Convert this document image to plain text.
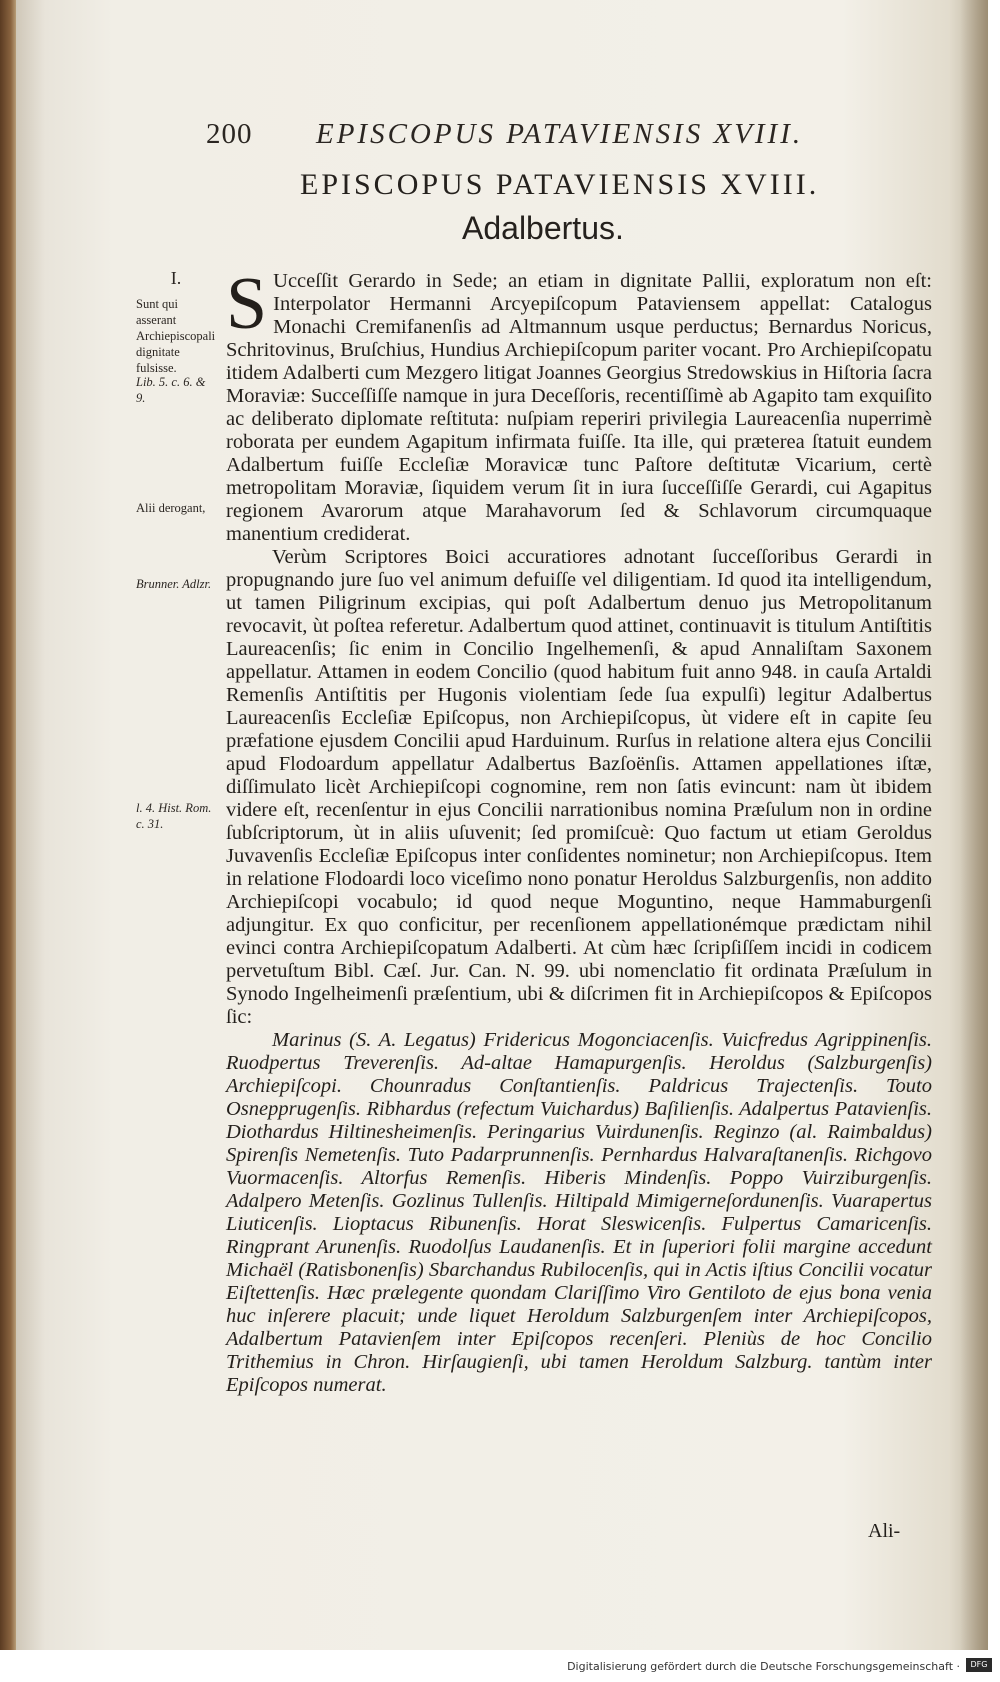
200 EPISCOPUS PATAVIENSIS XVIII.
EPISCOPUS PATAVIENSIS XVIII.
Adalbertus.
I.
Sunt qui asserant Archiepiscopali dignitate fulsisse.
Lib. 5. c. 6. & 9.
Alii derogant,
Brunner. Adlzr.
l. 4. Hist. Rom. c. 31.

S Ucceſſit Gerardo in Sede; an etiam in dignitate Pallii, exploratum non eſt: Interpolator Hermanni Arcyepiſcopum Pataviensem appellat: Catalogus Monachi Cremifanenſis ad Altmannum usque perductus; Bernardus Noricus, Schritovinus, Bruſchius, Hundius Archiepiſcopum pariter vocant. Pro Archiepiſcopatu itidem Adalberti cum Mezgero litigat Joannes Georgius Stredowskius in Hiſtoria ſacra Moraviæ: Succeſſiſſe namque in jura Deceſſoris, recentiſſimè ab Agapito tam exquiſito ac deliberato diplomate reſtituta: nuſpiam reperiri privilegia Laureacenſia nuperrimè roborata per eundem Agapitum infirmata fuiſſe. Ita ille, qui præterea ſtatuit eundem Adalbertum fuiſſe Eccleſiæ Moravicæ tunc Paſtore deſtitutæ Vicarium, certè metropolitam Moraviæ, ſiquidem verum ſit in iura ſucceſſiſſe Gerardi, cui Agapitus regionem Avarorum atque Marahavorum ſed & Schlavorum circumquaque manentium crediderat.

Verùm Scriptores Boici accuratiores adnotant ſucceſſoribus Gerardi in propugnando jure ſuo vel animum defuiſſe vel diligentiam. Id quod ita intelligendum, ut tamen Piligrinum excipias, qui poſt Adalbertum denuo jus Metropolitanum revocavit, ùt poſtea referetur. Adalbertum quod attinet, continuavit is titulum Antiſtitis Laureacenſis; ſic enim in Concilio Ingelhemenſi, & apud Annaliſtam Saxonem appellatur. Attamen in eodem Concilio (quod habitum fuit anno 948. in cauſa Artaldi Remenſis Antiſtitis per Hugonis violentiam ſede ſua expulſi) legitur Adalbertus Laureacenſis Eccleſiæ Epiſcopus, non Archiepiſcopus, ùt videre eſt in capite ſeu præfatione ejusdem Concilii apud Harduinum. Rurſus in relatione altera ejus Concilii apud Flodoardum appellatur Adalbertus Bazſoënſis. Attamen appellationes iſtæ, diſſimulato licèt Archiepiſcopi cognomine, rem non ſatis evincunt: nam ùt ibidem videre eſt, recenſentur in ejus Concilii narrationibus nomina Præſulum non in ordine ſubſcriptorum, ùt in aliis uſuvenit; ſed promiſcuè: Quo factum ut etiam Geroldus Juvavenſis Eccleſiæ Epiſcopus inter conſidentes nominetur; non Archiepiſcopus. Item in relatione Flodoardi loco viceſimo nono ponatur Heroldus Salzburgenſis, non addito Archiepiſcopi vocabulo; id quod neque Moguntino, neque Hammaburgenſi adjungitur. Ex quo conficitur, per recenſionem appellationémque prædictam nihil evinci contra Archiepiſcopatum Adalberti. At cùm hæc ſcripſiſſem incidi in codicem pervetuſtum Bibl. Cæſ. Jur. Can. N. 99. ubi nomenclatio fit ordinata Præſulum in Synodo Ingelheimenſi præſentium, ubi & diſcrimen fit in Archiepiſcopos & Epiſcopos ſic:

Marinus (S. A. Legatus) Fridericus Mogonciacenſis. Vuicfredus Agrippinenſis. Ruodpertus Treverenſis. Ad-altae Hamapurgenſis. Heroldus (Salzburgenſis) Archiepiſcopi. Chounradus Conſtantienſis. Paldricus Trajectenſis. Touto Osnepprugenſis. Ribhardus (refectum Vuichardus) Baſilienſis. Adalpertus Patavienſis. Diothardus Hiltinesheimenſis. Peringarius Vuirdunenſis. Reginzo (al. Raimbaldus) Spirenſis Nemetenſis. Tuto Padarprunnenſis. Pernhardus Halvaraſtanenſis. Richgovo Vuormacenſis. Altorfus Remenſis. Hiberis Mindenſis. Poppo Vuirziburgenſis. Adalpero Metenſis. Gozlinus Tullenſis. Hiltipald Mimigerneſordunenſis. Vuarapertus Liuticenſis. Lioptacus Ribunenſis. Horat Sleswicenſis. Fulpertus Camaricenſis. Ringprant Arunenſis. Ruodolſus Laudanenſis. Et in ſuperiori folii margine accedunt Michaël (Ratisbonenſis) Sbarchandus Rubilocenſis, qui in Actis iſtius Concilii vocatur Eiſtettenſis. Hæc prælegente quondam Clariſſimo Viro Gentiloto de ejus bona venia huc inſerere placuit; unde liquet Heroldum Salzburgenſem inter Archiepiſcopos, Adalbertum Patavienſem inter Epiſcopos recenſeri. Pleniùs de hoc Concilio Trithemius in Chron. Hirſaugienſi, ubi tamen Heroldum Salzburg. tantùm inter Epiſcopos numerat.

Ali-
Digitalisierung gefördert durch die Deutsche Forschungsgemeinschaft ·	DFG
